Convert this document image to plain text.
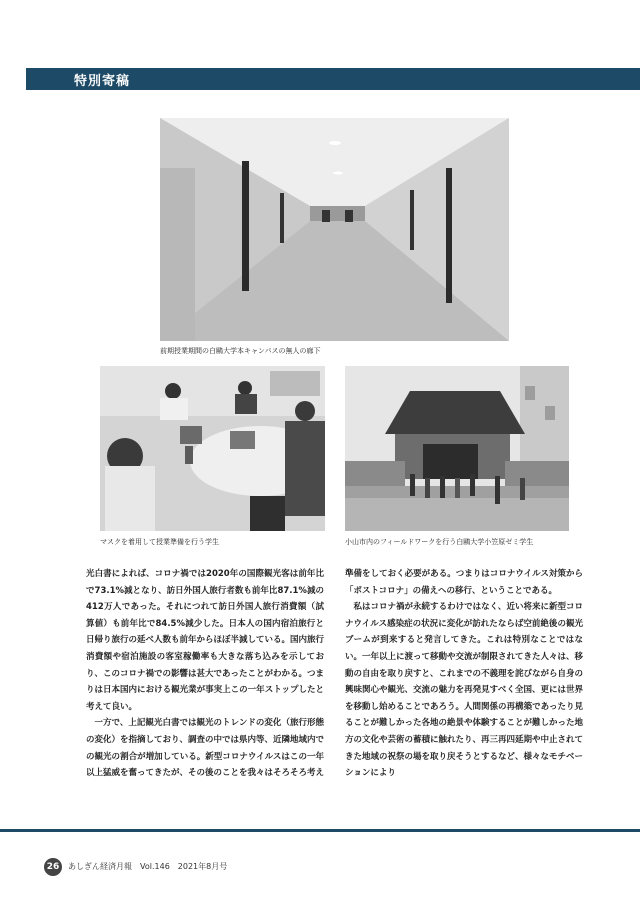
特別寄稿
前期授業期間の白鷗大学本キャンパスの無人の廊下
マスクを着用して授業準備を行う学生	小山市内のフィールドワークを行う白鷗大学小笠原ゼミ学生

光白書によれば、コロナ禍では2020年の国際観光客は前年比で73.1%減となり、訪日外国人旅行者数も前年比87.1%減の412万人であった。それにつれて訪日外国人旅行消費額（試算値）も前年比で84.5%減少した。日本人の国内宿泊旅行と日帰り旅行の延べ人数も前年からほぼ半減している。国内旅行消費額や宿泊施設の客室稼働率も大きな落ち込みを示しており、このコロナ禍での影響は甚大であったことがわかる。つまりは日本国内における観光業が事実上この一年ストップしたと考えて良い。

　一方で、上記観光白書では観光のトレンドの変化（旅行形態の変化）を指摘しており、調査の中では県内等、近隣地域内での観光の割合が増加している。新型コロナウイルスはこの一年以上猛威を奮ってきたが、その後のことを我々はそろそろ考え

準備をしておく必要がある。つまりはコロナウイルス対策から「ポストコロナ」の備えへの移行、ということである。

　私はコロナ禍が永続するわけではなく、近い将来に新型コロナウイルス感染症の状況に変化が訪れたならば空前絶後の観光ブームが到来すると発言してきた。これは特別なことではない。一年以上に渡って移動や交流が制限されてきた人々は、移動の自由を取り戻すと、これまでの不義理を詫びながら自身の興味関心や観光、交流の魅力を再発見すべく全国、更には世界を移動し始めることであろう。人間関係の再構築であったり見ることが難しかった各地の絶景や体験することが難しかった地方の文化や芸術の蓄積に触れたり、再三再四延期や中止されてきた地域の祝祭の場を取り戻そうとするなど、様々なモチベーションにより

26	あしぎん経済月報　Vol.146　2021年8月号
